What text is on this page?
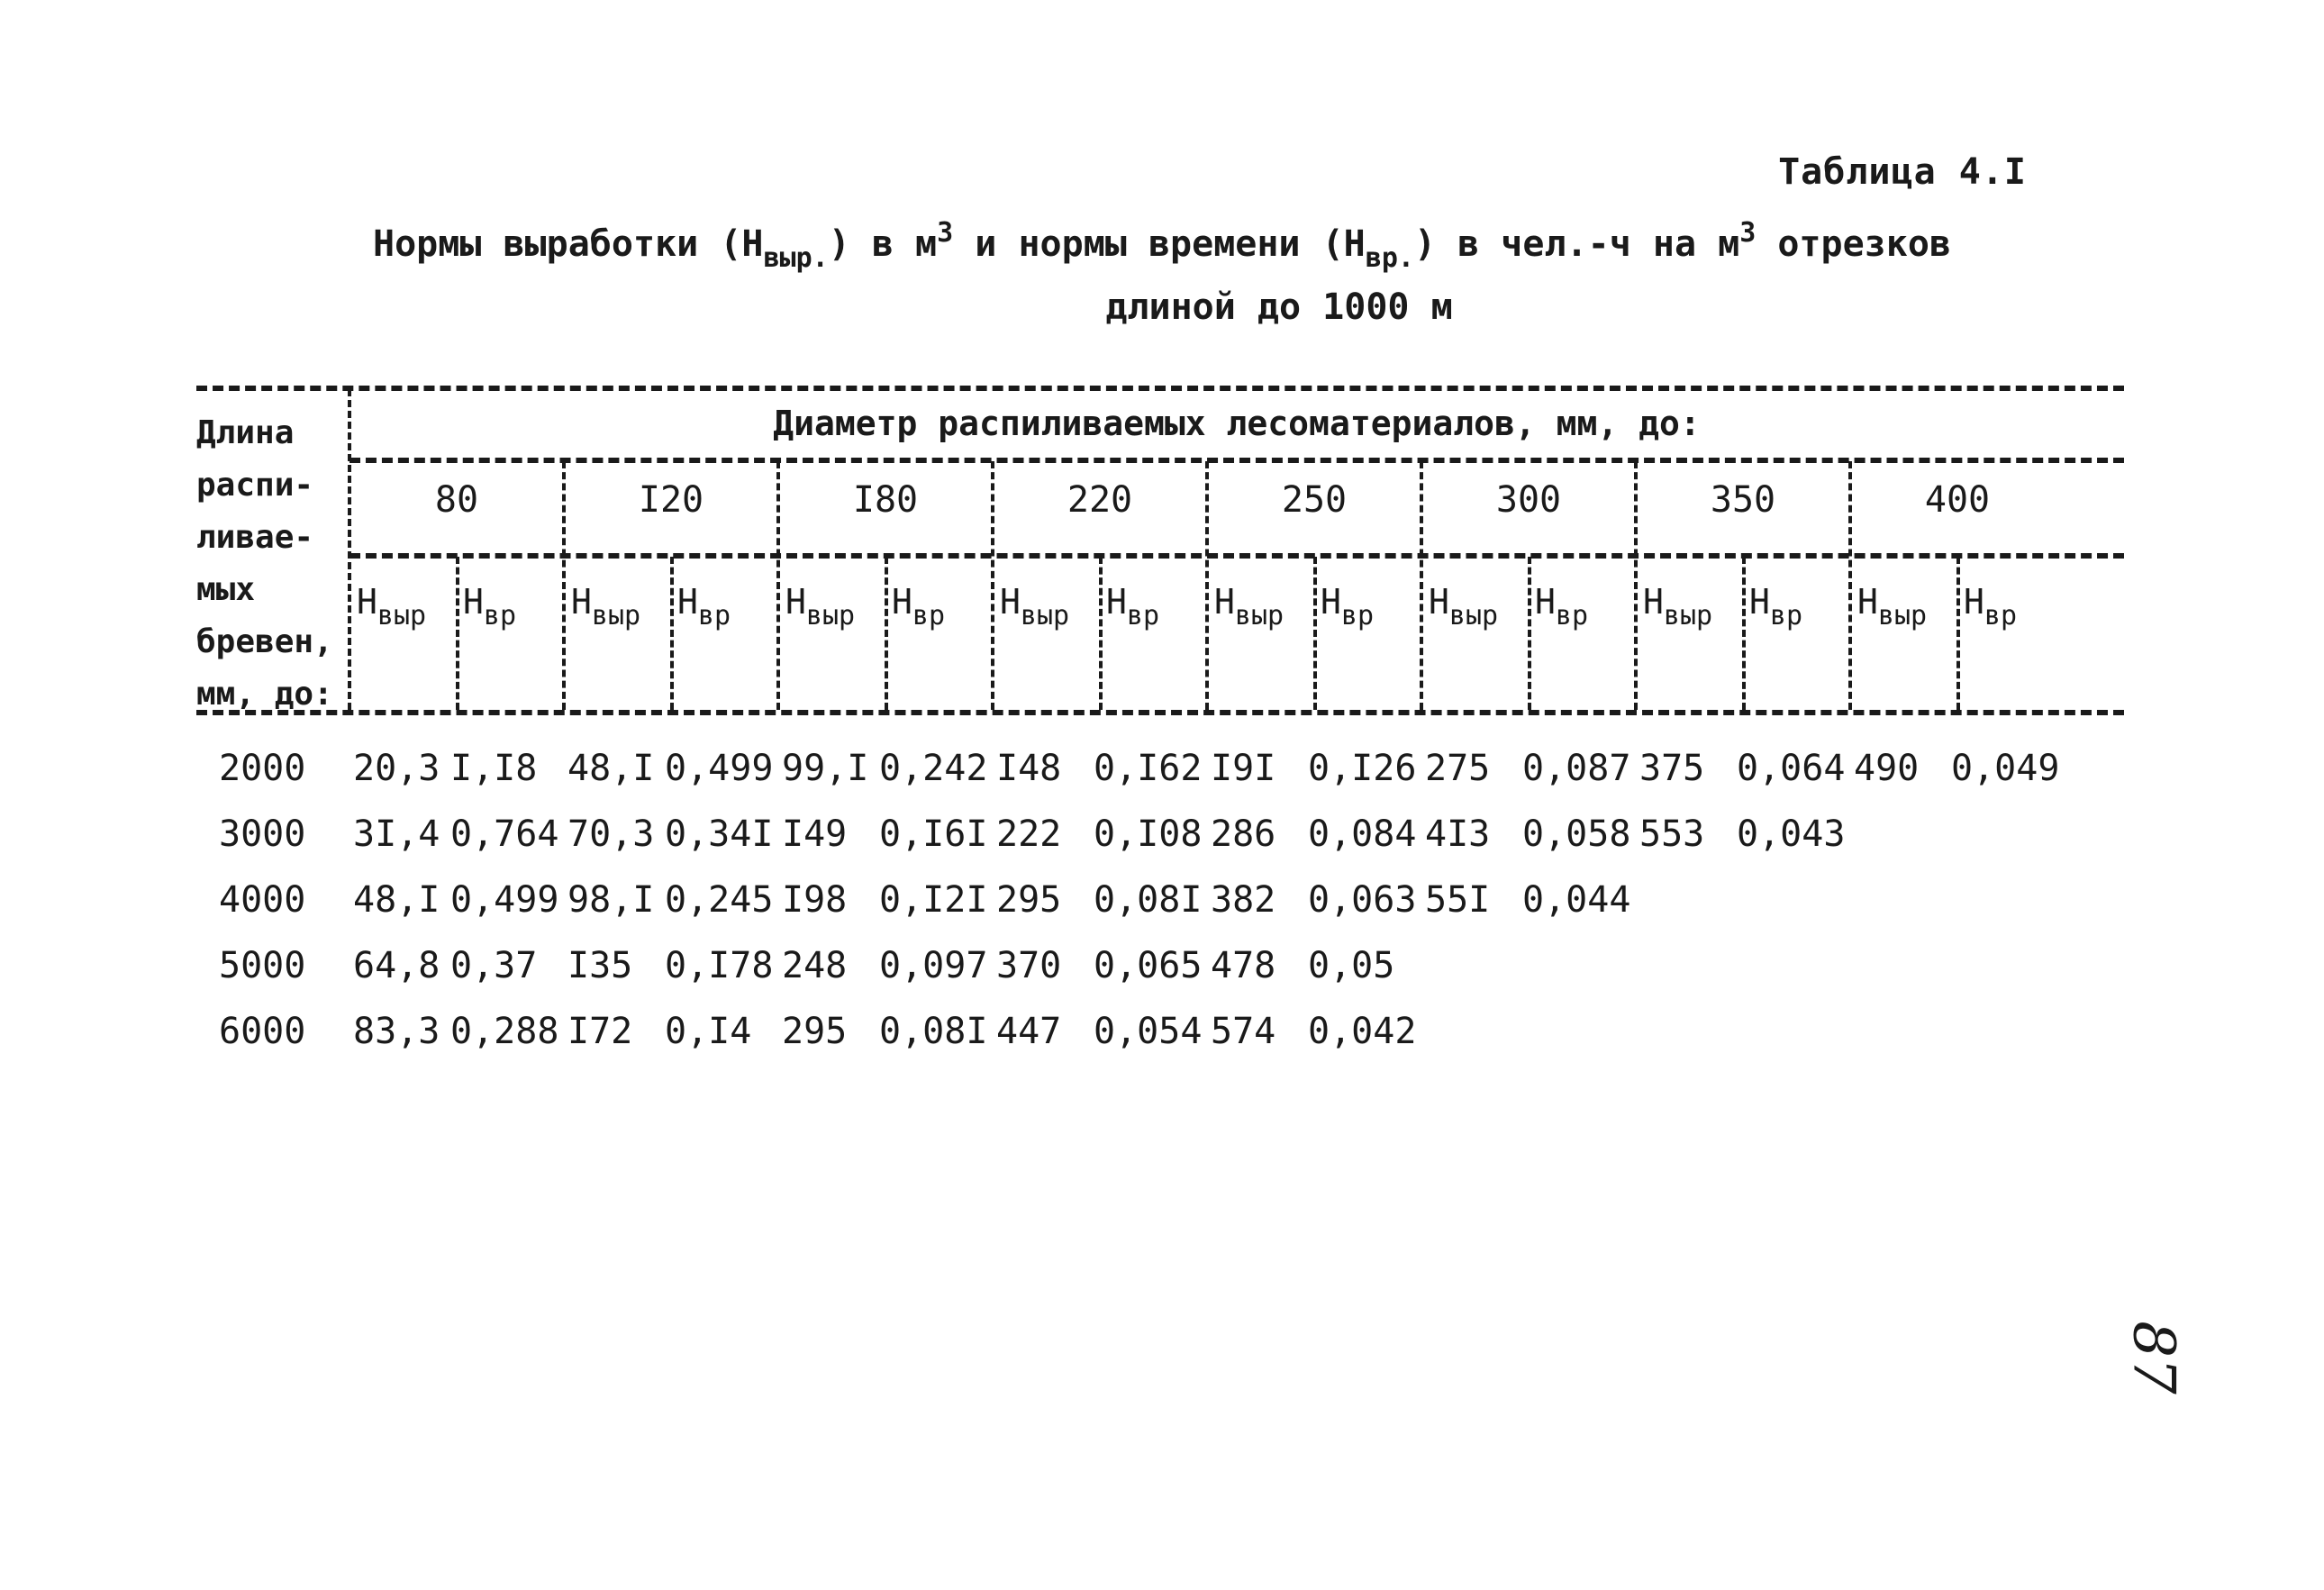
Таблица 4.I
Нормы выработки $(Н_{выр.})$ в $м^3$ и нормы времени $(Н_{вр.})$ в чел.-ч на $м^3$ отрезков
длиной до 1000 м
Длина
распи-
ливае-
мых
бревен,
мм, до:
Диаметр распиливаемых лесоматериалов, мм, до:
80	I20	I80	220	250	300	350	400
$Н_{выр}$ $Н_{вр}$ $Н_{выр}$ $Н_{вр}$ $Н_{выр}$ $Н_{вр}$ $Н_{выр}$ $Н_{вр}$ $Н_{выр}$ $Н_{вр}$ $Н_{выр}$ $Н_{вр}$ $Н_{выр}$ $Н_{вр}$ $Н_{выр}$ $Н_{вр}$
2000 20,3 I,I8 48,I 0,499 99,I 0,242 I48 0,I62 I9I 0,I26 275 0,087 375 0,064 490 0,049
3000 3I,4 0,764 70,3 0,34I I49 0,I6I 222 0,I08 286 0,084 4I3 0,058 553 0,043
4000 48,I 0,499 98,I 0,245 I98 0,I2I 295 0,08I 382 0,063 55I 0,044
5000 64,8 0,37 I35 0,I78 248 0,097 370 0,065 478 0,05
6000 83,3 0,288 I72 0,I4 295 0,08I 447 0,054 574 0,042
87
